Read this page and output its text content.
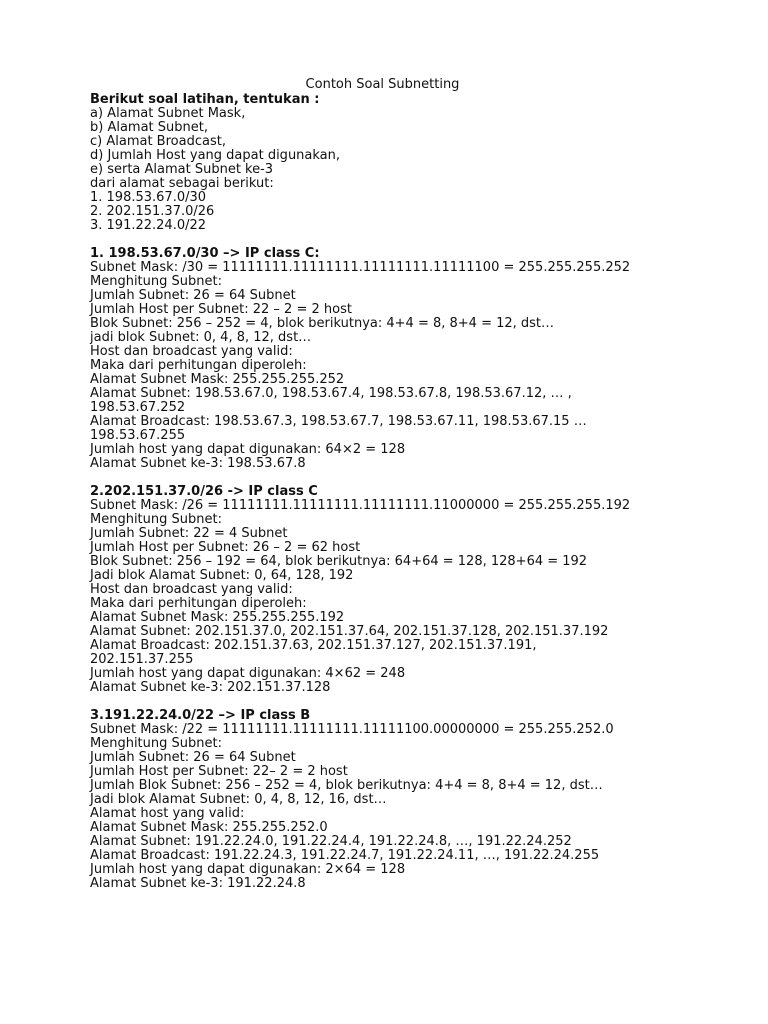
Contoh Soal Subnetting
Berikut soal latihan, tentukan :
a) Alamat Subnet Mask,
b) Alamat Subnet,
c) Alamat Broadcast,
d) Jumlah Host yang dapat digunakan,
e) serta Alamat Subnet ke-3
dari alamat sebagai berikut:
1. 198.53.67.0/30
2. 202.151.37.0/26
3. 191.22.24.0/22
1. 198.53.67.0/30 –> IP class C:
Subnet Mask: /30 = 11111111.11111111.11111111.11111100 = 255.255.255.252
Menghitung Subnet:
Jumlah Subnet: 26 = 64 Subnet
Jumlah Host per Subnet: 22 – 2 = 2 host
Blok Subnet: 256 – 252 = 4, blok berikutnya: 4+4 = 8, 8+4 = 12, dst…
jadi blok Subnet: 0, 4, 8, 12, dst…
Host dan broadcast yang valid:
Maka dari perhitungan diperoleh:
Alamat Subnet Mask: 255.255.255.252
Alamat Subnet: 198.53.67.0, 198.53.67.4, 198.53.67.8, 198.53.67.12, … ,
198.53.67.252
Alamat Broadcast: 198.53.67.3, 198.53.67.7, 198.53.67.11, 198.53.67.15 …
198.53.67.255
Jumlah host yang dapat digunakan: 64×2 = 128
Alamat Subnet ke-3: 198.53.67.8
2.202.151.37.0/26 -> IP class C
Subnet Mask: /26 = 11111111.11111111.11111111.11000000 = 255.255.255.192
Menghitung Subnet:
Jumlah Subnet: 22 = 4 Subnet
Jumlah Host per Subnet: 26 – 2 = 62 host
Blok Subnet: 256 – 192 = 64, blok berikutnya: 64+64 = 128, 128+64 = 192
Jadi blok Alamat Subnet: 0, 64, 128, 192
Host dan broadcast yang valid:
Maka dari perhitungan diperoleh:
Alamat Subnet Mask: 255.255.255.192
Alamat Subnet: 202.151.37.0, 202.151.37.64, 202.151.37.128, 202.151.37.192
Alamat Broadcast: 202.151.37.63, 202.151.37.127, 202.151.37.191,
202.151.37.255
Jumlah host yang dapat digunakan: 4×62 = 248
Alamat Subnet ke-3: 202.151.37.128
3.191.22.24.0/22 –> IP class B
Subnet Mask: /22 = 11111111.11111111.11111100.00000000 = 255.255.252.0
Menghitung Subnet:
Jumlah Subnet: 26 = 64 Subnet
Jumlah Host per Subnet: 22– 2 = 2 host
Jumlah Blok Subnet: 256 – 252 = 4, blok berikutnya: 4+4 = 8, 8+4 = 12, dst…
Jadi blok Alamat Subnet: 0, 4, 8, 12, 16, dst…
Alamat host yang valid:
Alamat Subnet Mask: 255.255.252.0
Alamat Subnet: 191.22.24.0, 191.22.24.4, 191.22.24.8, …, 191.22.24.252
Alamat Broadcast: 191.22.24.3, 191.22.24.7, 191.22.24.11, …, 191.22.24.255
Jumlah host yang dapat digunakan: 2×64 = 128
Alamat Subnet ke-3: 191.22.24.8
